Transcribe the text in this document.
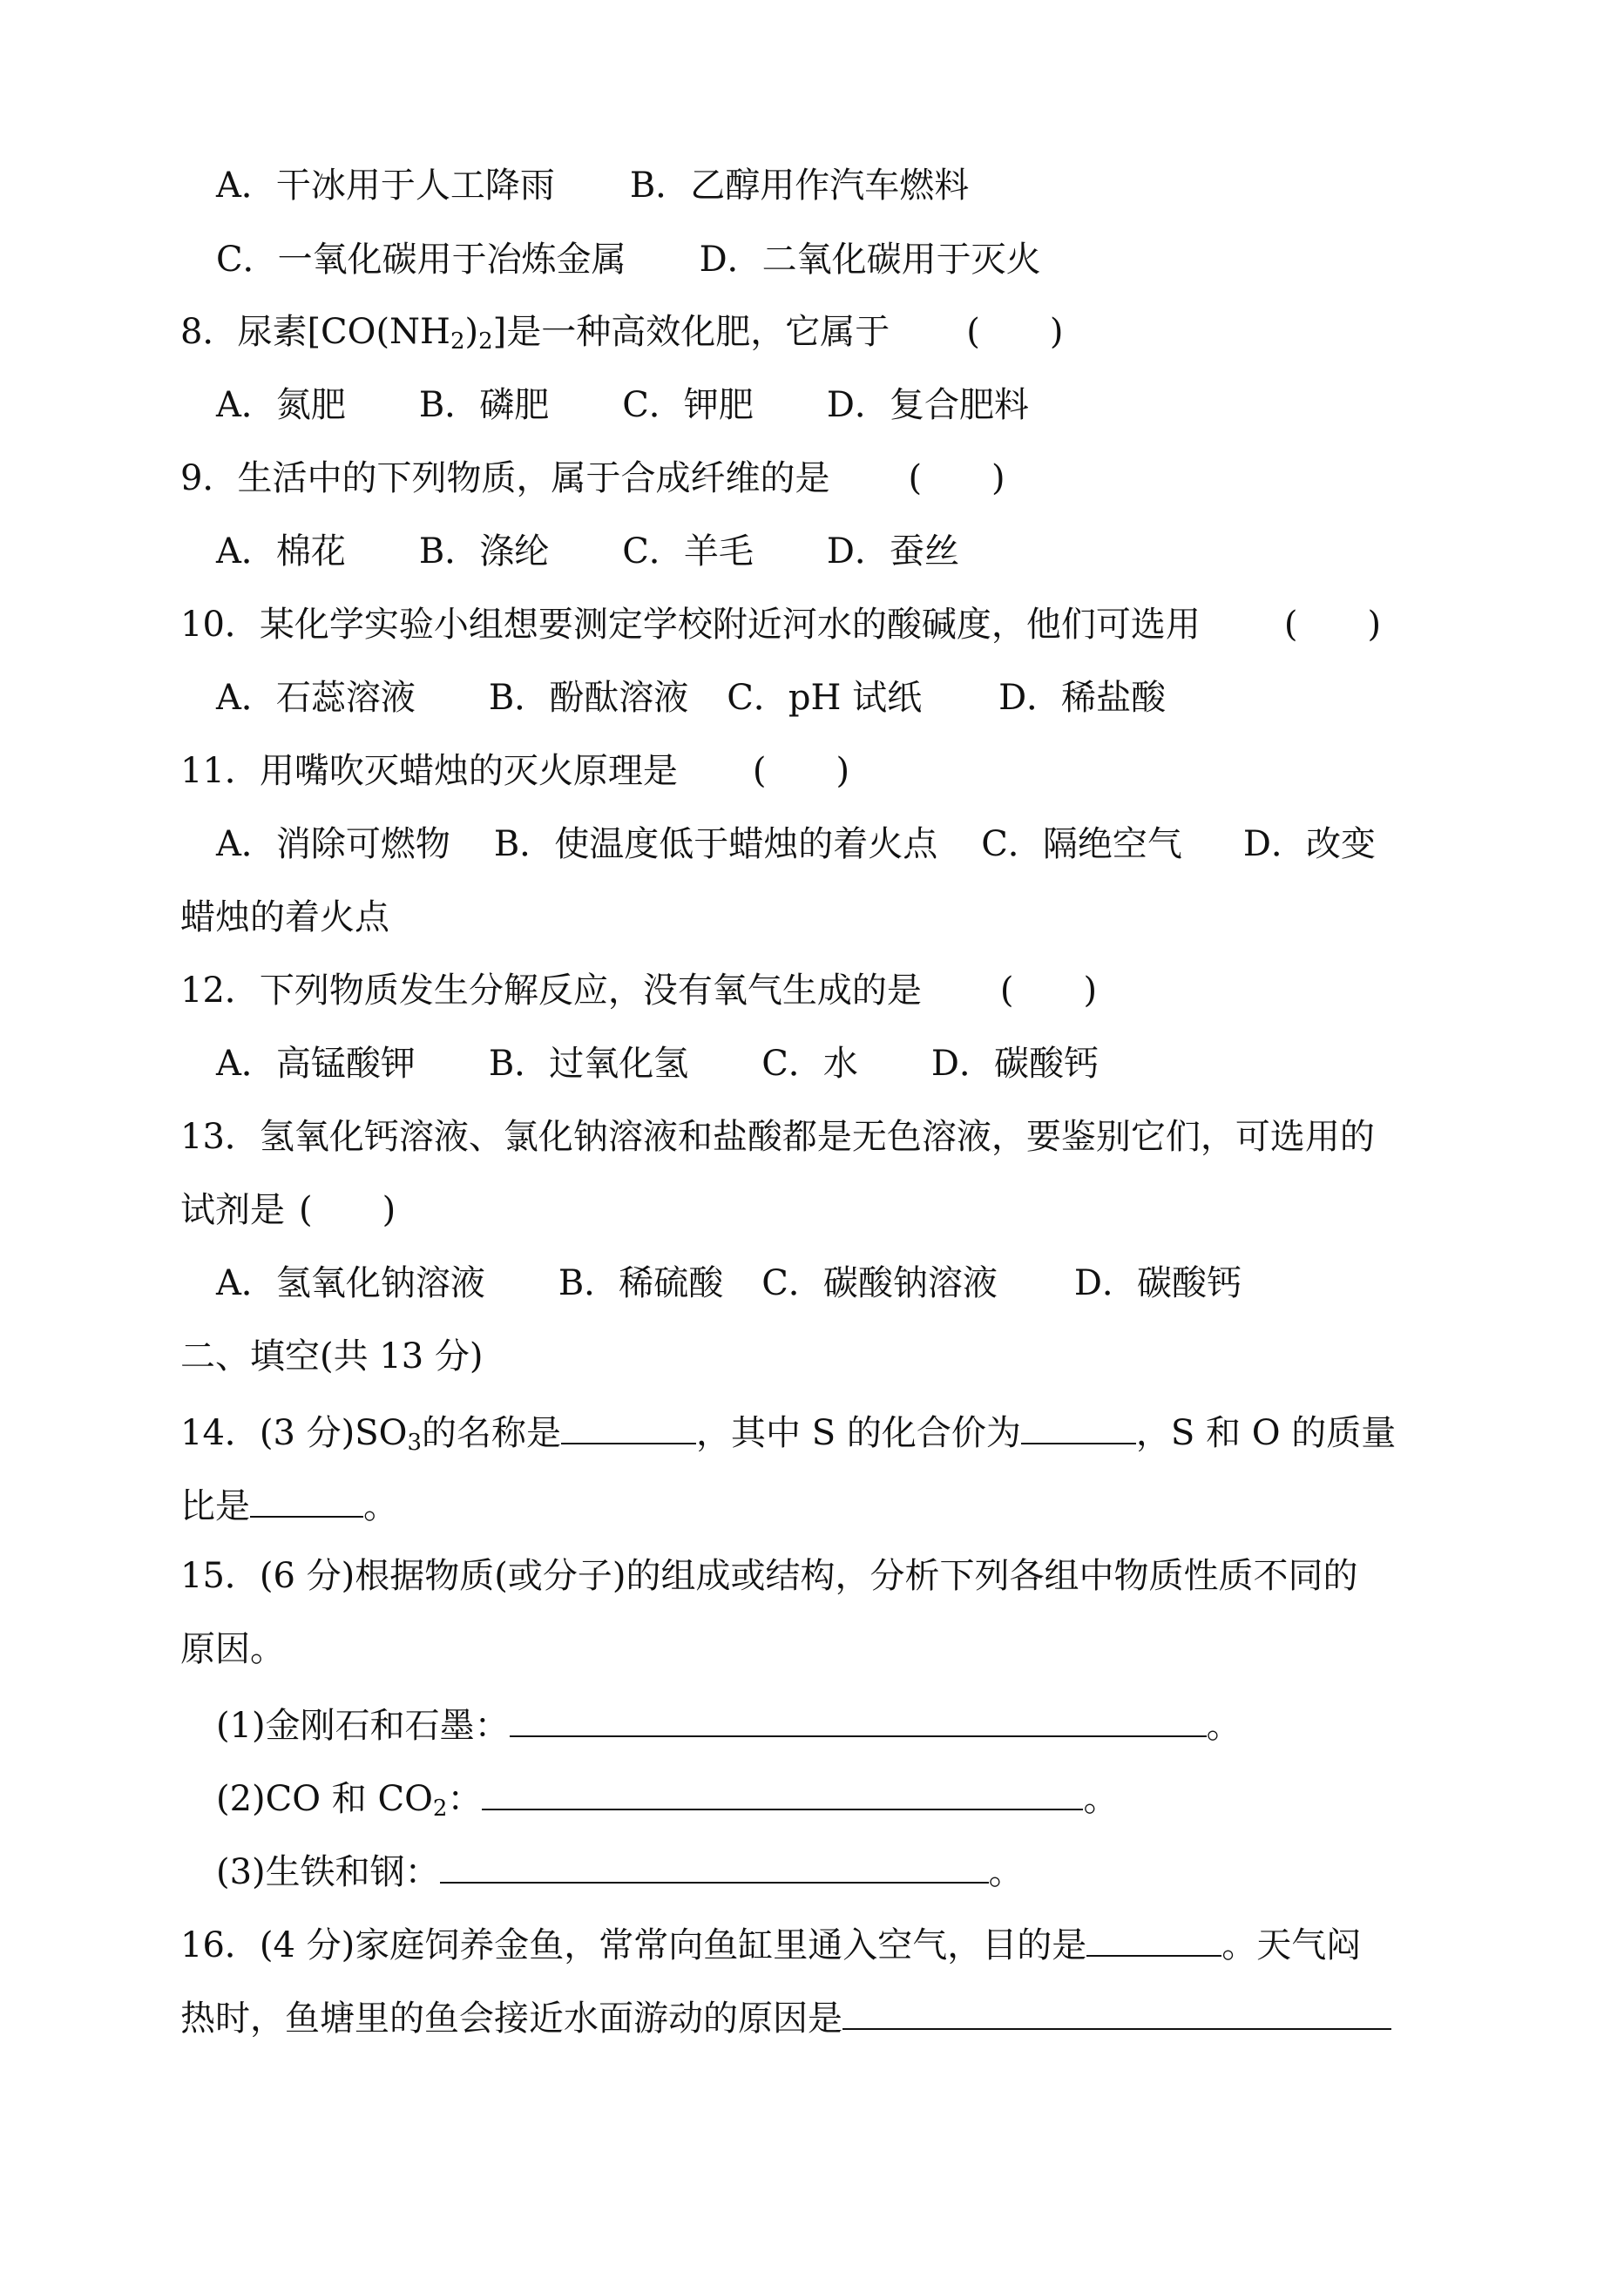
A．干冰用于人工降雨 B．乙醇用作汽车燃料
C．一氧化碳用于冶炼金属 D．二氧化碳用于灭火
8．尿素$[CO(NH_2)_2]$是一种高效化肥，它属于 (　　)
A．氮肥 B．磷肥 C．钾肥 D．复合肥料
9．生活中的下列物质，属于合成纤维的是 (　　)
A．棉花 B．涤纶 C．羊毛 D．蚕丝
10．某化学实验小组想要测定学校附近河水的酸碱度，他们可选用 (　　)
A．石蕊溶液 B．酚酞溶液 C．pH 试纸 D．稀盐酸
11．用嘴吹灭蜡烛的灭火原理是 (　　)
A．消除可燃物 B．使温度低于蜡烛的着火点 C．隔绝空气 D．改变
蜡烛的着火点
12．下列物质发生分解反应，没有氧气生成的是 (　　)
A．高锰酸钾 B．过氧化氢 C．水 D．碳酸钙
13．氢氧化钙溶液、氯化钠溶液和盐酸都是无色溶液，要鉴别它们，可选用的
试剂是 (　　)
A．氢氧化钠溶液 B．稀硫酸 C．碳酸钠溶液 D．碳酸钙
二、填空(共 13 分)
14．(3 分)$SO_3$的名称是	，其中 S 的化合价为	，S 和 O 的质量
比是	。
15．(6 分)根据物质(或分子)的组成或结构，分析下列各组中物质性质不同的
原因。
(1)金刚石和石墨：	。
(2)CO 和 $CO_2$：	。
(3)生铁和钢：	。
16．(4 分)家庭饲养金鱼，常常向鱼缸里通入空气，目的是	。天气闷
热时，鱼塘里的鱼会接近水面游动的原因是
